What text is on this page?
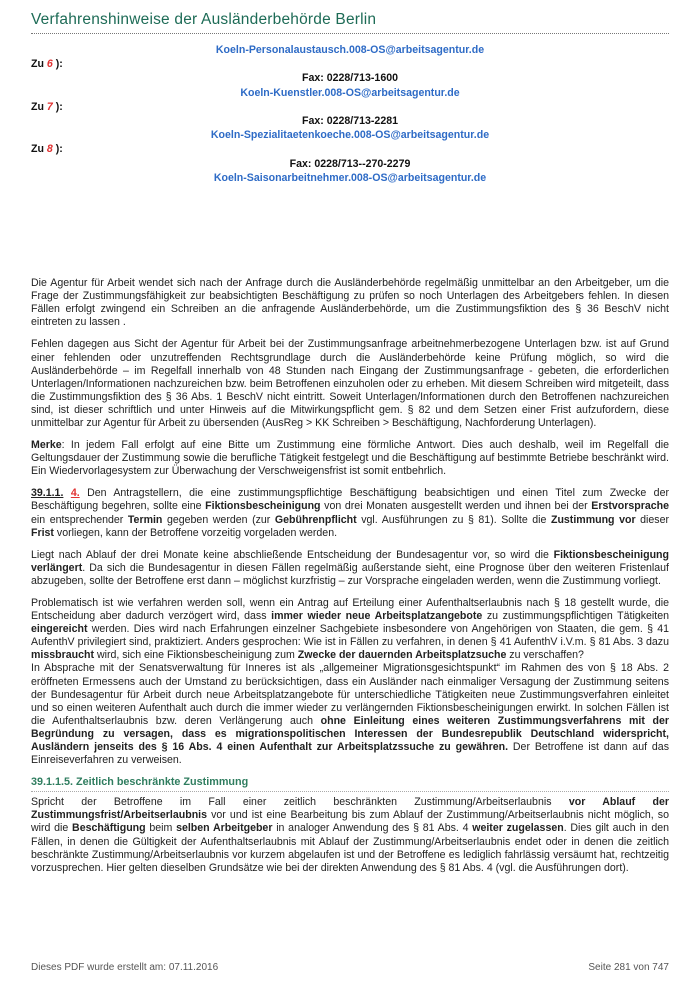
Verfahrenshinweise der Ausländerbehörde Berlin
Koeln-Personalaustausch.008-OS@arbeitsagentur.de
Zu 6 ):
Fax: 0228/713-1600
Koeln-Kuenstler.008-OS@arbeitsagentur.de
Zu 7 ):
Fax: 0228/713-2281
Koeln-Spezialitaetenkoeche.008-OS@arbeitsagentur.de
Zu 8 ):
Fax: 0228/713--270-2279
Koeln-Saisonarbeitnehmer.008-OS@arbeitsagentur.de

Die Agentur für Arbeit wendet sich nach der Anfrage durch die Ausländerbehörde regelmäßig unmittelbar an den Arbeitgeber, um die Frage der Zustimmungsfähigkeit zur beabsichtigten Beschäftigung zu prüfen so noch Unterlagen des Arbeitgebers fehlen. In diesen Fällen erfolgt zwingend ein Schreiben an die anfragende Ausländerbehörde, um die Zustimmungsfiktion des § 36 BeschV nicht eintreten zu lassen .

Fehlen dagegen aus Sicht der Agentur für Arbeit bei der Zustimmungsanfrage arbeitnehmerbezogene Unterlagen bzw. ist auf Grund einer fehlenden oder unzutreffenden Rechtsgrundlage durch die Ausländerbehörde keine Prüfung möglich, so wird die Ausländerbehörde – im Regelfall innerhalb von 48 Stunden nach Eingang der Zustimmungsanfrage - gebeten, die erforderlichen Unterlagen/Informationen nachzureichen bzw. beim Betroffenen einzuholen oder zu erheben. Mit diesem Schreiben wird mitgeteilt, dass die Zustimmungsfiktion des § 36 Abs. 1 BeschV nicht eintritt. Soweit Unterlagen/Informationen durch den Betroffenen nachzureichen sind, ist dieser schriftlich und unter Hinweis auf die Mitwirkungspflicht gem. § 82 und dem Setzen einer Frist aufzufordern, diese unmittelbar zur Agentur für Arbeit zu übersenden (AusReg > KK Schreiben > Beschäftigung, Nachforderung Unterlagen).

Merke: In jedem Fall erfolgt auf eine Bitte um Zustimmung eine förmliche Antwort. Dies auch deshalb, weil im Regelfall die Geltungsdauer der Zustimmung sowie die berufliche Tätigkeit festgelegt und die Beschäftigung auf bestimmte Betriebe beschränkt wird. Ein Wiedervorlagesystem zur Überwachung der Verschweigensfrist ist somit entbehrlich.

39.1.1. 4. Den Antragstellern, die eine zustimmungspflichtige Beschäftigung beabsichtigen und einen Titel zum Zwecke der Beschäftigung begehren, sollte eine Fiktionsbescheinigung von drei Monaten ausgestellt werden und ihnen bei der Erstvorsprache ein entsprechender Termin gegeben werden (zur Gebührenpflicht vgl. Ausführungen zu § 81). Sollte die Zustimmung vor dieser Frist vorliegen, kann der Betroffene vorzeitig vorgeladen werden.

Liegt nach Ablauf der drei Monate keine abschließende Entscheidung der Bundesagentur vor, so wird die Fiktionsbescheinigung verlängert. Da sich die Bundesagentur in diesen Fällen regelmäßig außerstande sieht, eine Prognose über den weiteren Fristenlauf abzugeben, sollte der Betroffene erst dann – möglichst kurzfristig – zur Vorsprache eingeladen werden, wenn die Zustimmung vorliegt.

Problematisch ist wie verfahren werden soll, wenn ein Antrag auf Erteilung einer Aufenthaltserlaubnis nach § 18 gestellt wurde, die Entscheidung aber dadurch verzögert wird, dass immer wieder neue Arbeitsplatzangebote zu zustimmungspflichtigen Tätigkeiten eingereicht werden. Dies wird nach Erfahrungen einzelner Sachgebiete insbesondere von Angehörigen von Staaten, die gem. § 41 AufenthV privilegiert sind, praktiziert. Anders gesprochen: Wie ist in Fällen zu verfahren, in denen § 41 AufenthV i.V.m. § 81 Abs. 3 dazu missbraucht wird, sich eine Fiktionsbescheinigung zum Zwecke der dauernden Arbeitsplatzsuche zu verschaffen?

In Absprache mit der Senatsverwaltung für Inneres ist als „allgemeiner Migrationsgesichtspunkt“ im Rahmen des von § 18 Abs. 2 eröffneten Ermessens auch der Umstand zu berücksichtigen, dass ein Ausländer nach einmaliger Versagung der Zustimmung seitens der Bundesagentur für Arbeit durch neue Arbeitsplatzangebote für unterschiedliche Tätigkeiten neue Zustimmungsverfahren einleitet und so einen weiteren Aufenthalt auch durch die immer wieder zu verlängernden Fiktionsbescheinigungen erwirkt. In solchen Fällen ist die Aufenthaltserlaubnis bzw. deren Verlängerung auch ohne Einleitung eines weiteren Zustimmungsverfahrens mit der Begründung zu versagen, dass es migrationspolitischen Interessen der Bundesrepublik Deutschland widerspricht, Ausländern jenseits des § 16 Abs. 4 einen Aufenthalt zur Arbeitsplatzssuche zu gewähren. Der Betroffene ist dann auf das Einreiseverfahren zu verweisen.

39.1.1.5. Zeitlich beschränkte Zustimmung

Spricht der Betroffene im Fall einer zeitlich beschränkten Zustimmung/Arbeitserlaubnis vor Ablauf der Zustimmungsfrist/Arbeitserlaubnis vor und ist eine Bearbeitung bis zum Ablauf der Zustimmung/Arbeitserlaubnis nicht möglich, so wird die Beschäftigung beim selben Arbeitgeber in analoger Anwendung des § 81 Abs. 4 weiter zugelassen. Dies gilt auch in den Fällen, in denen die Gültigkeit der Aufenthaltserlaubnis mit Ablauf der Zustimmung/Arbeitserlaubnis endet oder in denen die zeitlich beschränkte Zustimmung/Arbeitserlaubnis vor kurzem abgelaufen ist und der Betroffene es lediglich fahrlässig versäumt hat, rechtzeitig vorzusprechen. Hier gelten dieselben Grundsätze wie bei der direkten Anwendung des § 81 Abs. 4 (vgl. die Ausführungen dort).

Dieses PDF wurde erstellt am: 07.11.2016	Seite 281 von 747
